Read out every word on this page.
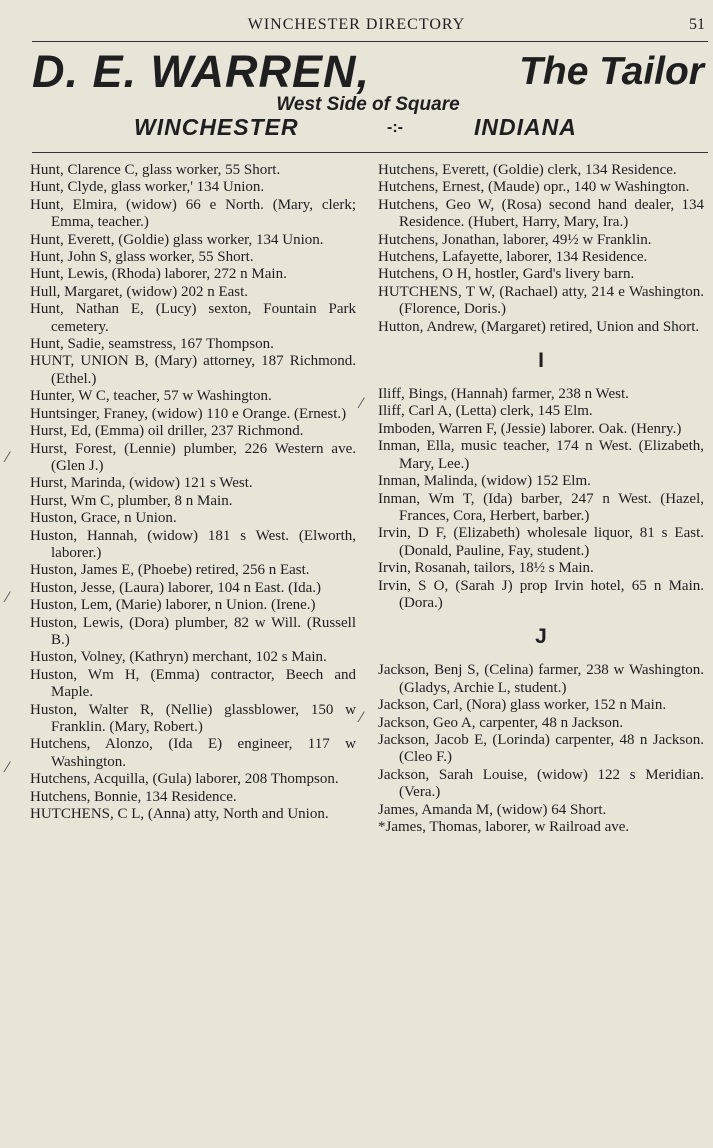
WINCHESTER DIRECTORY	51
D. E. WARREN,	The Tailor
West Side of Square
WINCHESTER	-:-	INDIANA
Hunt, Clarence C, glass worker, 55 Short.
Hunt, Clyde, glass worker,' 134 Union.
Hunt, Elmira, (widow) 66 e North. (Mary, clerk; Emma, teacher.)
Hunt, Everett, (Goldie) glass worker, 134 Union.
Hunt, John S, glass worker, 55 Short.
Hunt, Lewis, (Rhoda) laborer, 272 n Main.
Hull, Margaret, (widow) 202 n East.
Hunt, Nathan E, (Lucy) sexton, Fountain Park cemetery.
Hunt, Sadie, seamstress, 167 Thompson.
HUNT, UNION B, (Mary) attorney, 187 Richmond. (Ethel.)
Hunter, W C, teacher, 57 w Washington.
Huntsinger, Franey, (widow) 110 e Orange. (Ernest.)
Hurst, Ed, (Emma) oil driller, 237 Richmond.
Hurst, Forest, (Lennie) plumber, 226 Western ave. (Glen J.)
Hurst, Marinda, (widow) 121 s West.
Hurst, Wm C, plumber, 8 n Main.
Huston, Grace, n Union.
Huston, Hannah, (widow) 181 s West. (Elworth, laborer.)
Huston, James E, (Phoebe) retired, 256 n East.
Huston, Jesse, (Laura) laborer, 104 n East. (Ida.)
Huston, Lem, (Marie) laborer, n Union. (Irene.)
Huston, Lewis, (Dora) plumber, 82 w Will. (Russell B.)
Huston, Volney, (Kathryn) merchant, 102 s Main.
Huston, Wm H, (Emma) contractor, Beech and Maple.
Huston, Walter R, (Nellie) glassblower, 150 w Franklin. (Mary, Robert.)
Hutchens, Alonzo, (Ida E) engineer, 117 w Washington.
Hutchens, Acquilla, (Gula) laborer, 208 Thompson.
Hutchens, Bonnie, 134 Residence.
HUTCHENS, C L, (Anna) atty, North and Union.
Hutchens, Everett, (Goldie) clerk, 134 Residence.
Hutchens, Ernest, (Maude) opr., 140 w Washington.
Hutchens, Geo W, (Rosa) second hand dealer, 134 Residence. (Hubert, Harry, Mary, Ira.)
Hutchens, Jonathan, laborer, 49½ w Franklin.
Hutchens, Lafayette, laborer, 134 Residence.
Hutchens, O H, hostler, Gard's livery barn.
HUTCHENS, T W, (Rachael) atty, 214 e Washington. (Florence, Doris.)
Hutton, Andrew, (Margaret) retired, Union and Short.
I
Iliff, Bings, (Hannah) farmer, 238 n West.
Iliff, Carl A, (Letta) clerk, 145 Elm.
Imboden, Warren F, (Jessie) laborer. Oak. (Henry.)
Inman, Ella, music teacher, 174 n West. (Elizabeth, Mary, Lee.)
Inman, Malinda, (widow) 152 Elm.
Inman, Wm T, (Ida) barber, 247 n West. (Hazel, Frances, Cora, Herbert, barber.)
Irvin, D F, (Elizabeth) wholesale liquor, 81 s East. (Donald, Pauline, Fay, student.)
Irvin, Rosanah, tailors, 18½ s Main.
Irvin, S O, (Sarah J) prop Irvin hotel, 65 n Main. (Dora.)
J
Jackson, Benj S, (Celina) farmer, 238 w Washington. (Gladys, Archie L, student.)
Jackson, Carl, (Nora) glass worker, 152 n Main.
Jackson, Geo A, carpenter, 48 n Jackson.
Jackson, Jacob E, (Lorinda) carpenter, 48 n Jackson. (Cleo F.)
Jackson, Sarah Louise, (widow) 122 s Meridian. (Vera.)
James, Amanda M, (widow) 64 Short.
*James, Thomas, laborer, w Railroad ave.
⁄
⁄
⁄
⁄
⁄
